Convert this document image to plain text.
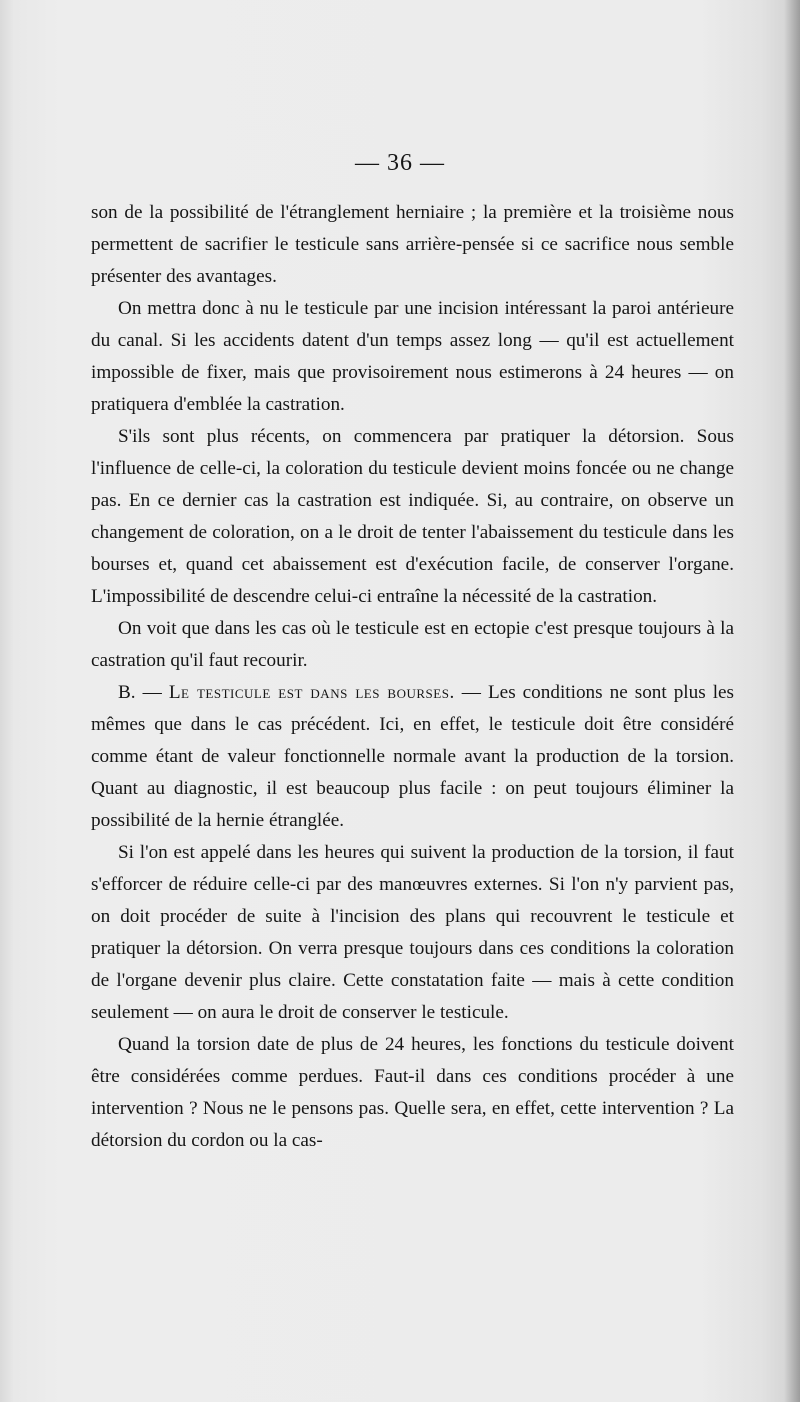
— 36 —

son de la possibilité de l'étranglement herniaire ; la première et la troisième nous permettent de sacrifier le testicule sans arrière-pensée si ce sacrifice nous semble présenter des avantages.

On mettra donc à nu le testicule par une incision intéressant la paroi antérieure du canal. Si les accidents datent d'un temps assez long — qu'il est actuellement impossible de fixer, mais que provisoirement nous estimerons à 24 heures — on pratiquera d'emblée la castration.

S'ils sont plus récents, on commencera par pratiquer la détorsion. Sous l'influence de celle-ci, la coloration du testicule devient moins foncée ou ne change pas. En ce dernier cas la castration est indiquée. Si, au contraire, on observe un changement de coloration, on a le droit de tenter l'abaissement du testicule dans les bourses et, quand cet abaissement est d'exécution facile, de conserver l'organe. L'impossibilité de descendre celui-ci entraîne la nécessité de la castration.

On voit que dans les cas où le testicule est en ectopie c'est presque toujours à la castration qu'il faut recourir.

B. — Le testicule est dans les bourses. — Les conditions ne sont plus les mêmes que dans le cas précédent. Ici, en effet, le testicule doit être considéré comme étant de valeur fonctionnelle normale avant la production de la torsion. Quant au diagnostic, il est beaucoup plus facile : on peut toujours éliminer la possibilité de la hernie étranglée.

Si l'on est appelé dans les heures qui suivent la production de la torsion, il faut s'efforcer de réduire celle-ci par des manœuvres externes. Si l'on n'y parvient pas, on doit procéder de suite à l'incision des plans qui recouvrent le testicule et pratiquer la détorsion. On verra presque toujours dans ces conditions la coloration de l'organe devenir plus claire. Cette constatation faite — mais à cette condition seulement — on aura le droit de conserver le testicule.

Quand la torsion date de plus de 24 heures, les fonctions du testicule doivent être considérées comme perdues. Faut-il dans ces conditions procéder à une intervention ? Nous ne le pensons pas. Quelle sera, en effet, cette intervention ? La détorsion du cordon ou la cas-
